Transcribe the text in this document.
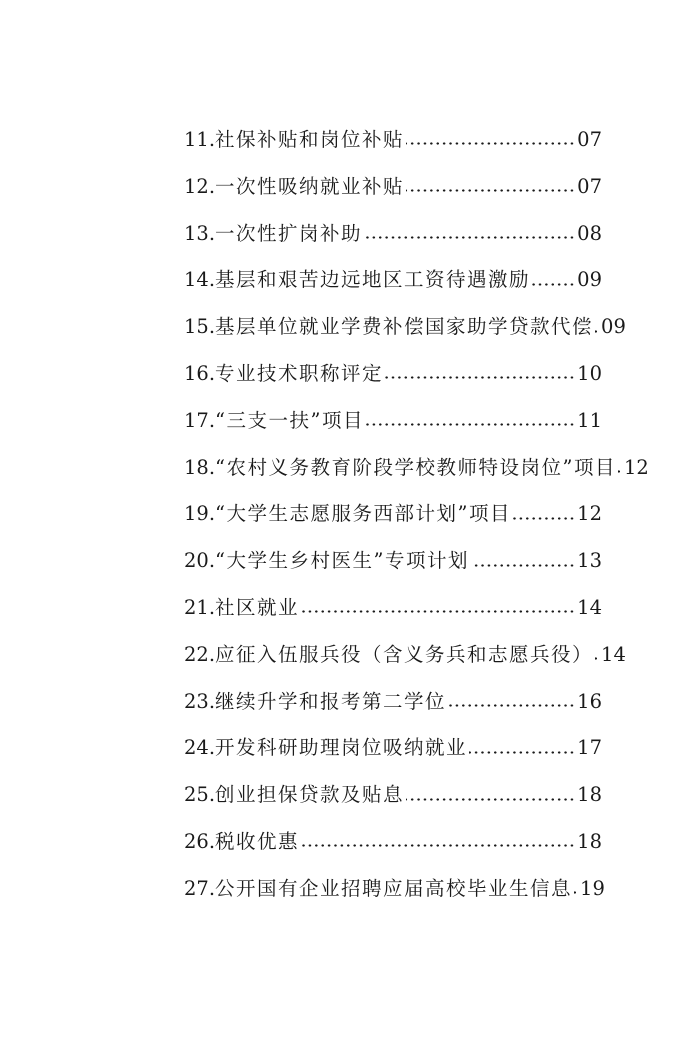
11. 社保补贴和岗位补贴	07
12. 一次性吸纳就业补贴	07
13. 一次性扩岗补助	08
14. 基层和艰苦边远地区工资待遇激励 09
15. 基层单位就业学费补偿国家助学贷款代偿 09
16. 专业技术职称评定	10
17. “三支一扶”项目	11
18. “农村义务教育阶段学校教师特设岗位”项目 12
19. “大学生志愿服务西部计划”项目	12
20. “大学生乡村医生”专项计划	13
21. 社区就业	14
22. 应征入伍服兵役（含义务兵和志愿兵役） 14
23. 继续升学和报考第二学位	16
24. 开发科研助理岗位吸纳就业	17
25. 创业担保贷款及贴息	18
26. 税收优惠	18
27. 公开国有企业招聘应届高校毕业生信息 19
